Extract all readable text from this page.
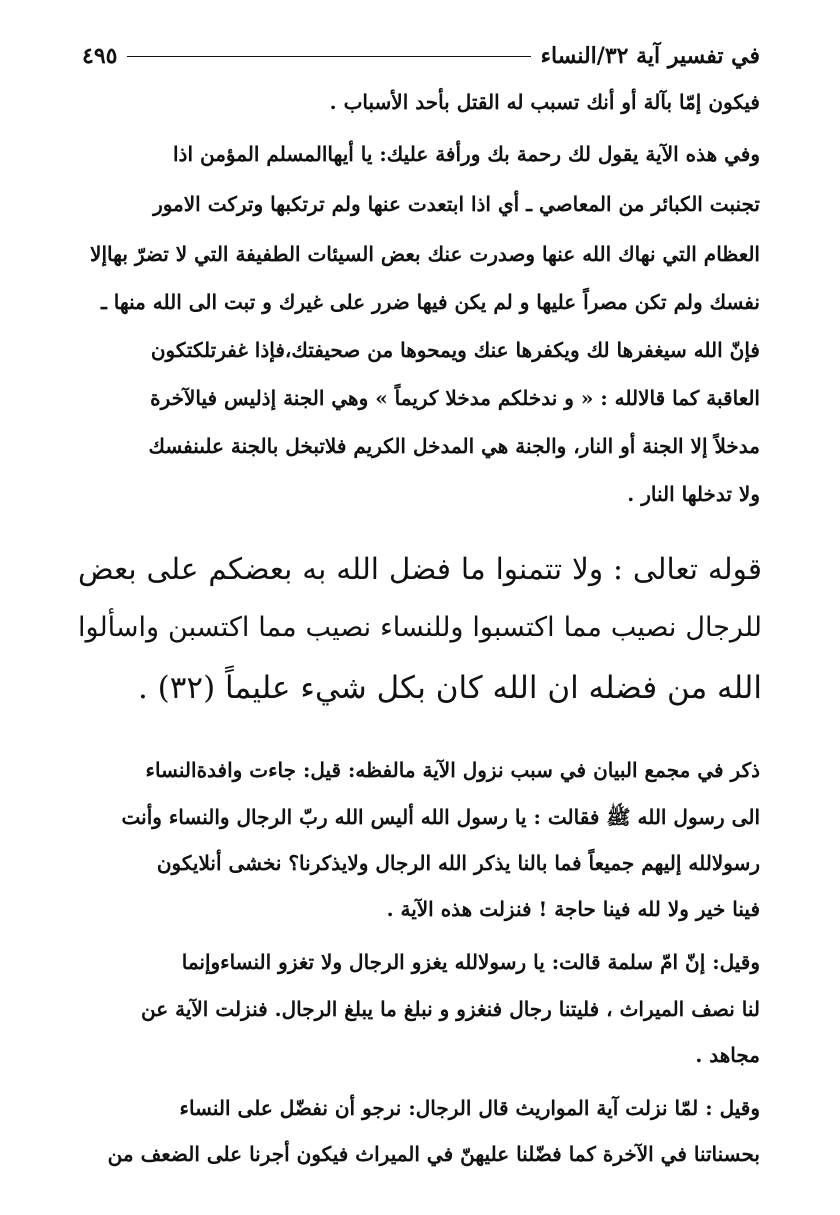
في تفسير آية ٣٢/النساء
٤٩٥
فيكون إمّا بآلة أو أنك تسبب له القتل بأحد الأسباب .
وفي هذه الآية يقول لك رحمة بك ورأفة عليك: يا أيهاالمسلم المؤمن اذا
تجنبت الكبائر من المعاصي ـ أي اذا ابتعدت عنها ولم ترتكبها وتركت الامور
العظام التي نهاك الله عنها وصدرت عنك بعض السيئات الطفيفة التي لا تضرّ بهاإلا
نفسك ولم تكن مصراً عليها و لم يكن فيها ضرر على غيرك و تبت الى الله منها ـ
فإنّ الله سيغفرها لك ويكفرها عنك ويمحوها من صحيفتك،فإذا غفرتلكتكون
العاقبة كما قالالله : « و ندخلكم مدخلا كريماً » وهي الجنة إذليس فيالآخرة
مدخلاً إلا الجنة أو النار، والجنة هي المدخل الكريم فلاتبخل بالجنة علىنفسك
ولا تدخلها النار .
قوله تعالى : ولا تتمنوا ما فضل الله به بعضكم على بعض
للرجال نصيب مما اكتسبوا وللنساء نصيب مما اكتسبن واسألوا
الله من فضله ان الله كان بكل شيء عليماً (٣٢) .
ذكر في مجمع البيان في سبب نزول الآية مالفظه: قيل: جاءت وافدةالنساء
الى رسول الله ﷺ فقالت : يا رسول الله أليس الله ربّ الرجال والنساء وأنت
رسولالله إليهم جميعاً فما بالنا يذكر الله الرجال ولايذكرنا؟ نخشى أنلايكون
فينا خير ولا لله فينا حاجة ! فنزلت هذه الآية .
وقيل: إنّ امّ سلمة قالت: يا رسولالله يغزو الرجال ولا تغزو النساءوإنما
لنا نصف الميراث ، فليتنا رجال فنغزو و نبلغ ما يبلغ الرجال. فنزلت الآية عن
مجاهد .
وقيل : لمّا نزلت آية المواريث قال الرجال: نرجو أن نفضّل على النساء
بحسناتنا في الآخرة كما فضّلنا عليهنّ في الميراث فيكون أجرنا على الضعف من
